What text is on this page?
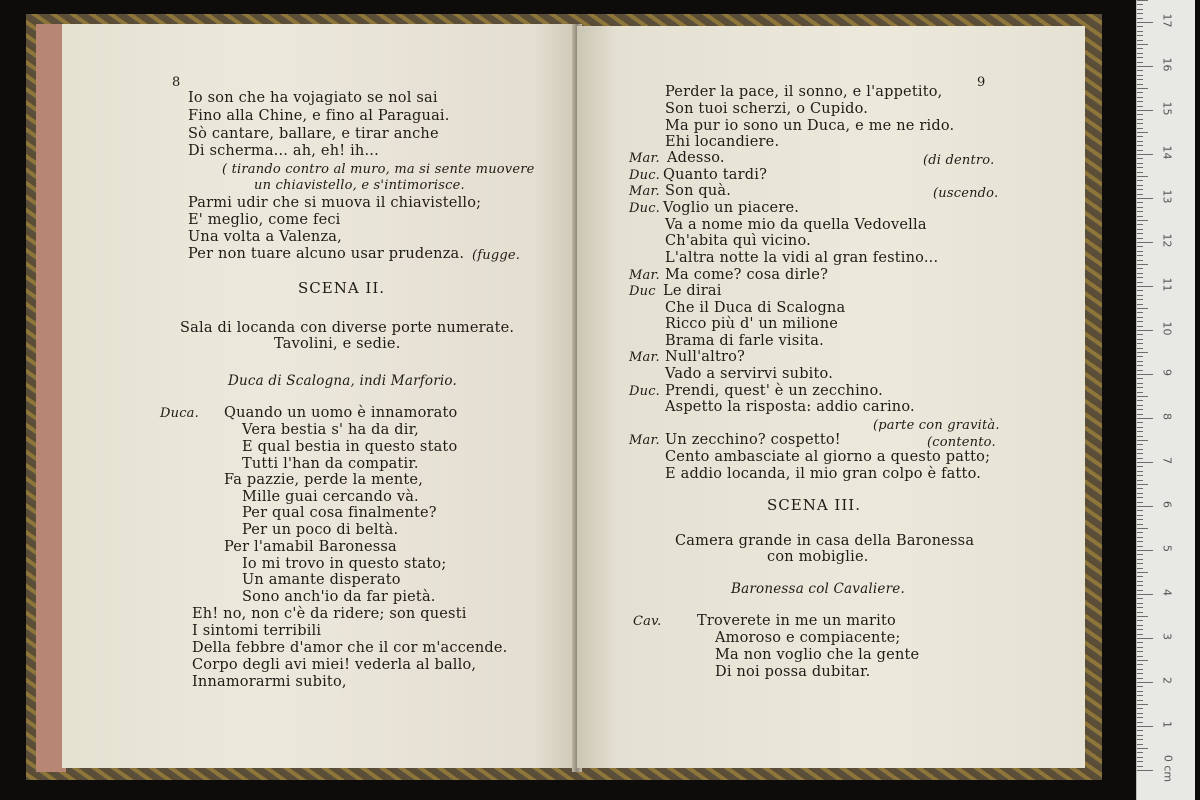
8
Io son che ha vojagiato se nol sai
Fino alla Chine, e fino al Paraguai.
Sò cantare, ballare, e tirar anche
Di scherma... ah, eh! ih...
( tirando contro al muro, ma si sente muovere
un chiavistello, e s'intimorisce.
Parmi udir che si muova il chiavistello;
E' meglio, come feci
Una volta a Valenza,
Per non tuare alcuno usar prudenza. (fugge.
SCENA II.
Sala di locanda con diverse porte numerate.
Tavolini, e sedie.
Duca di Scalogna, indi Marforio.
Duca. Quando un uomo è innamorato
Vera bestia s' ha da dir,
E qual bestia in questo stato
Tutti l'han da compatir.
Fa pazzie, perde la mente,
Mille guai cercando và.
Per qual cosa finalmente?
Per un poco di beltà.
Per l'amabil Baronessa
Io mi trovo in questo stato;
Un amante disperato
Sono anch'io da far pietà.
Eh! no, non c'è da ridere; son questi
I sintomi terribili
Della febbre d'amor che il cor m'accende.
Corpo degli avi miei! vederla al ballo,
Innamorarmi subito,
9
Perder la pace, il sonno, e l'appetito,
Son tuoi scherzi, o Cupido.
Ma pur io sono un Duca, e me ne rido.
Ehi locandiere.
Mar. Adesso.	(di dentro.
Duc. Quanto tardi?
Mar. Son quà.	(uscendo.
Duc. Voglio un piacere.
Va a nome mio da quella Vedovella
Ch'abita quì vicino.
L'altra notte la vidi al gran festino...
Mar. Ma come? cosa dirle?
Duc Le dirai
Che il Duca di Scalogna
Ricco più d' un milione
Brama di farle visita.
Mar. Null'altro?
Vado a servirvi subito.
Duc. Prendi, quest' è un zecchino.
Aspetto la risposta: addio carino.
(parte con gravità.
Mar. Un zecchino? cospetto!	(contento.
Cento ambasciate al giorno a questo patto;
E addio locanda, il mio gran colpo è fatto.
SCENA III.
Camera grande in casa della Baronessa
con mobiglie.
Baronessa col Cavaliere.
Cav. Troverete in me un marito
Amoroso e compiacente;
Ma non voglio che la gente
Di noi possa dubitar.
0 cm
1
2
3
4
5
6
7
8
9
10
11
12
13
14
15
16
17
